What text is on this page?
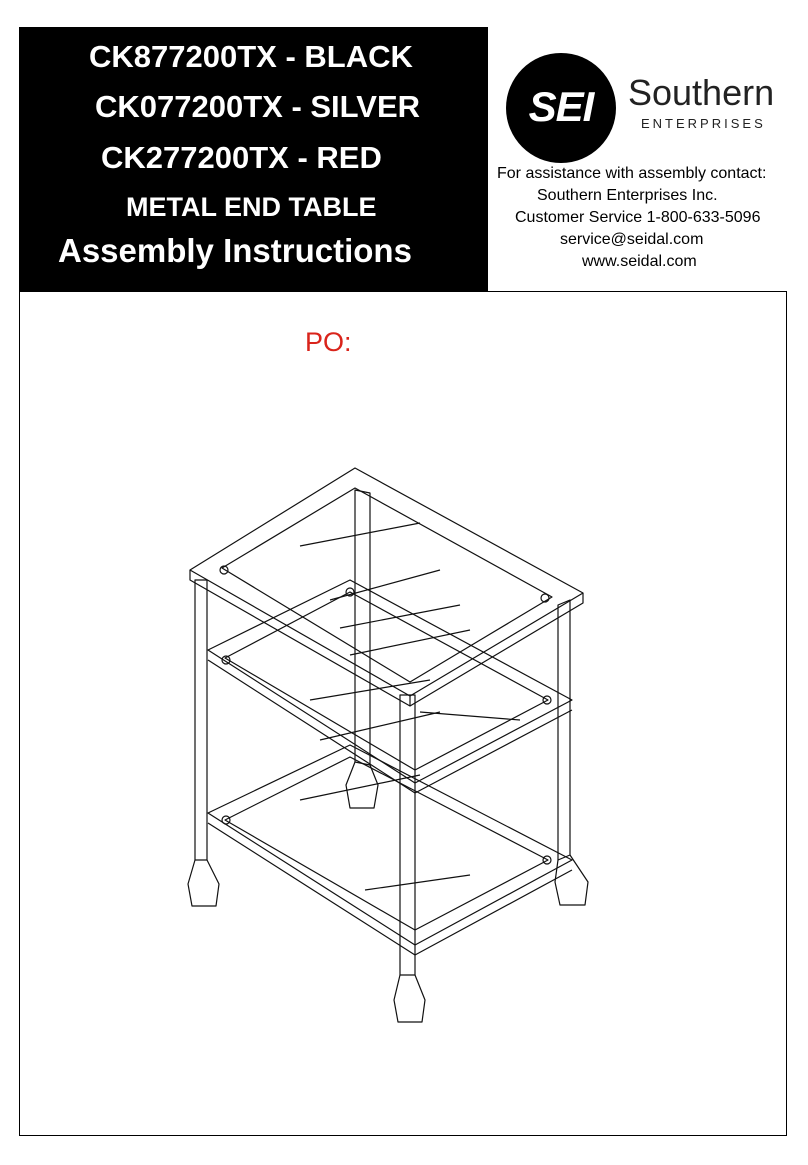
CK877200TX - BLACK
CK077200TX - SILVER
CK277200TX - RED
METAL END TABLE
Assembly Instructions
SEI Southern
ENTERPRISES
For assistance with assembly contact:
Southern Enterprises Inc.
Customer Service 1-800-633-5096
service@seidal.com
www.seidal.com
PO:
